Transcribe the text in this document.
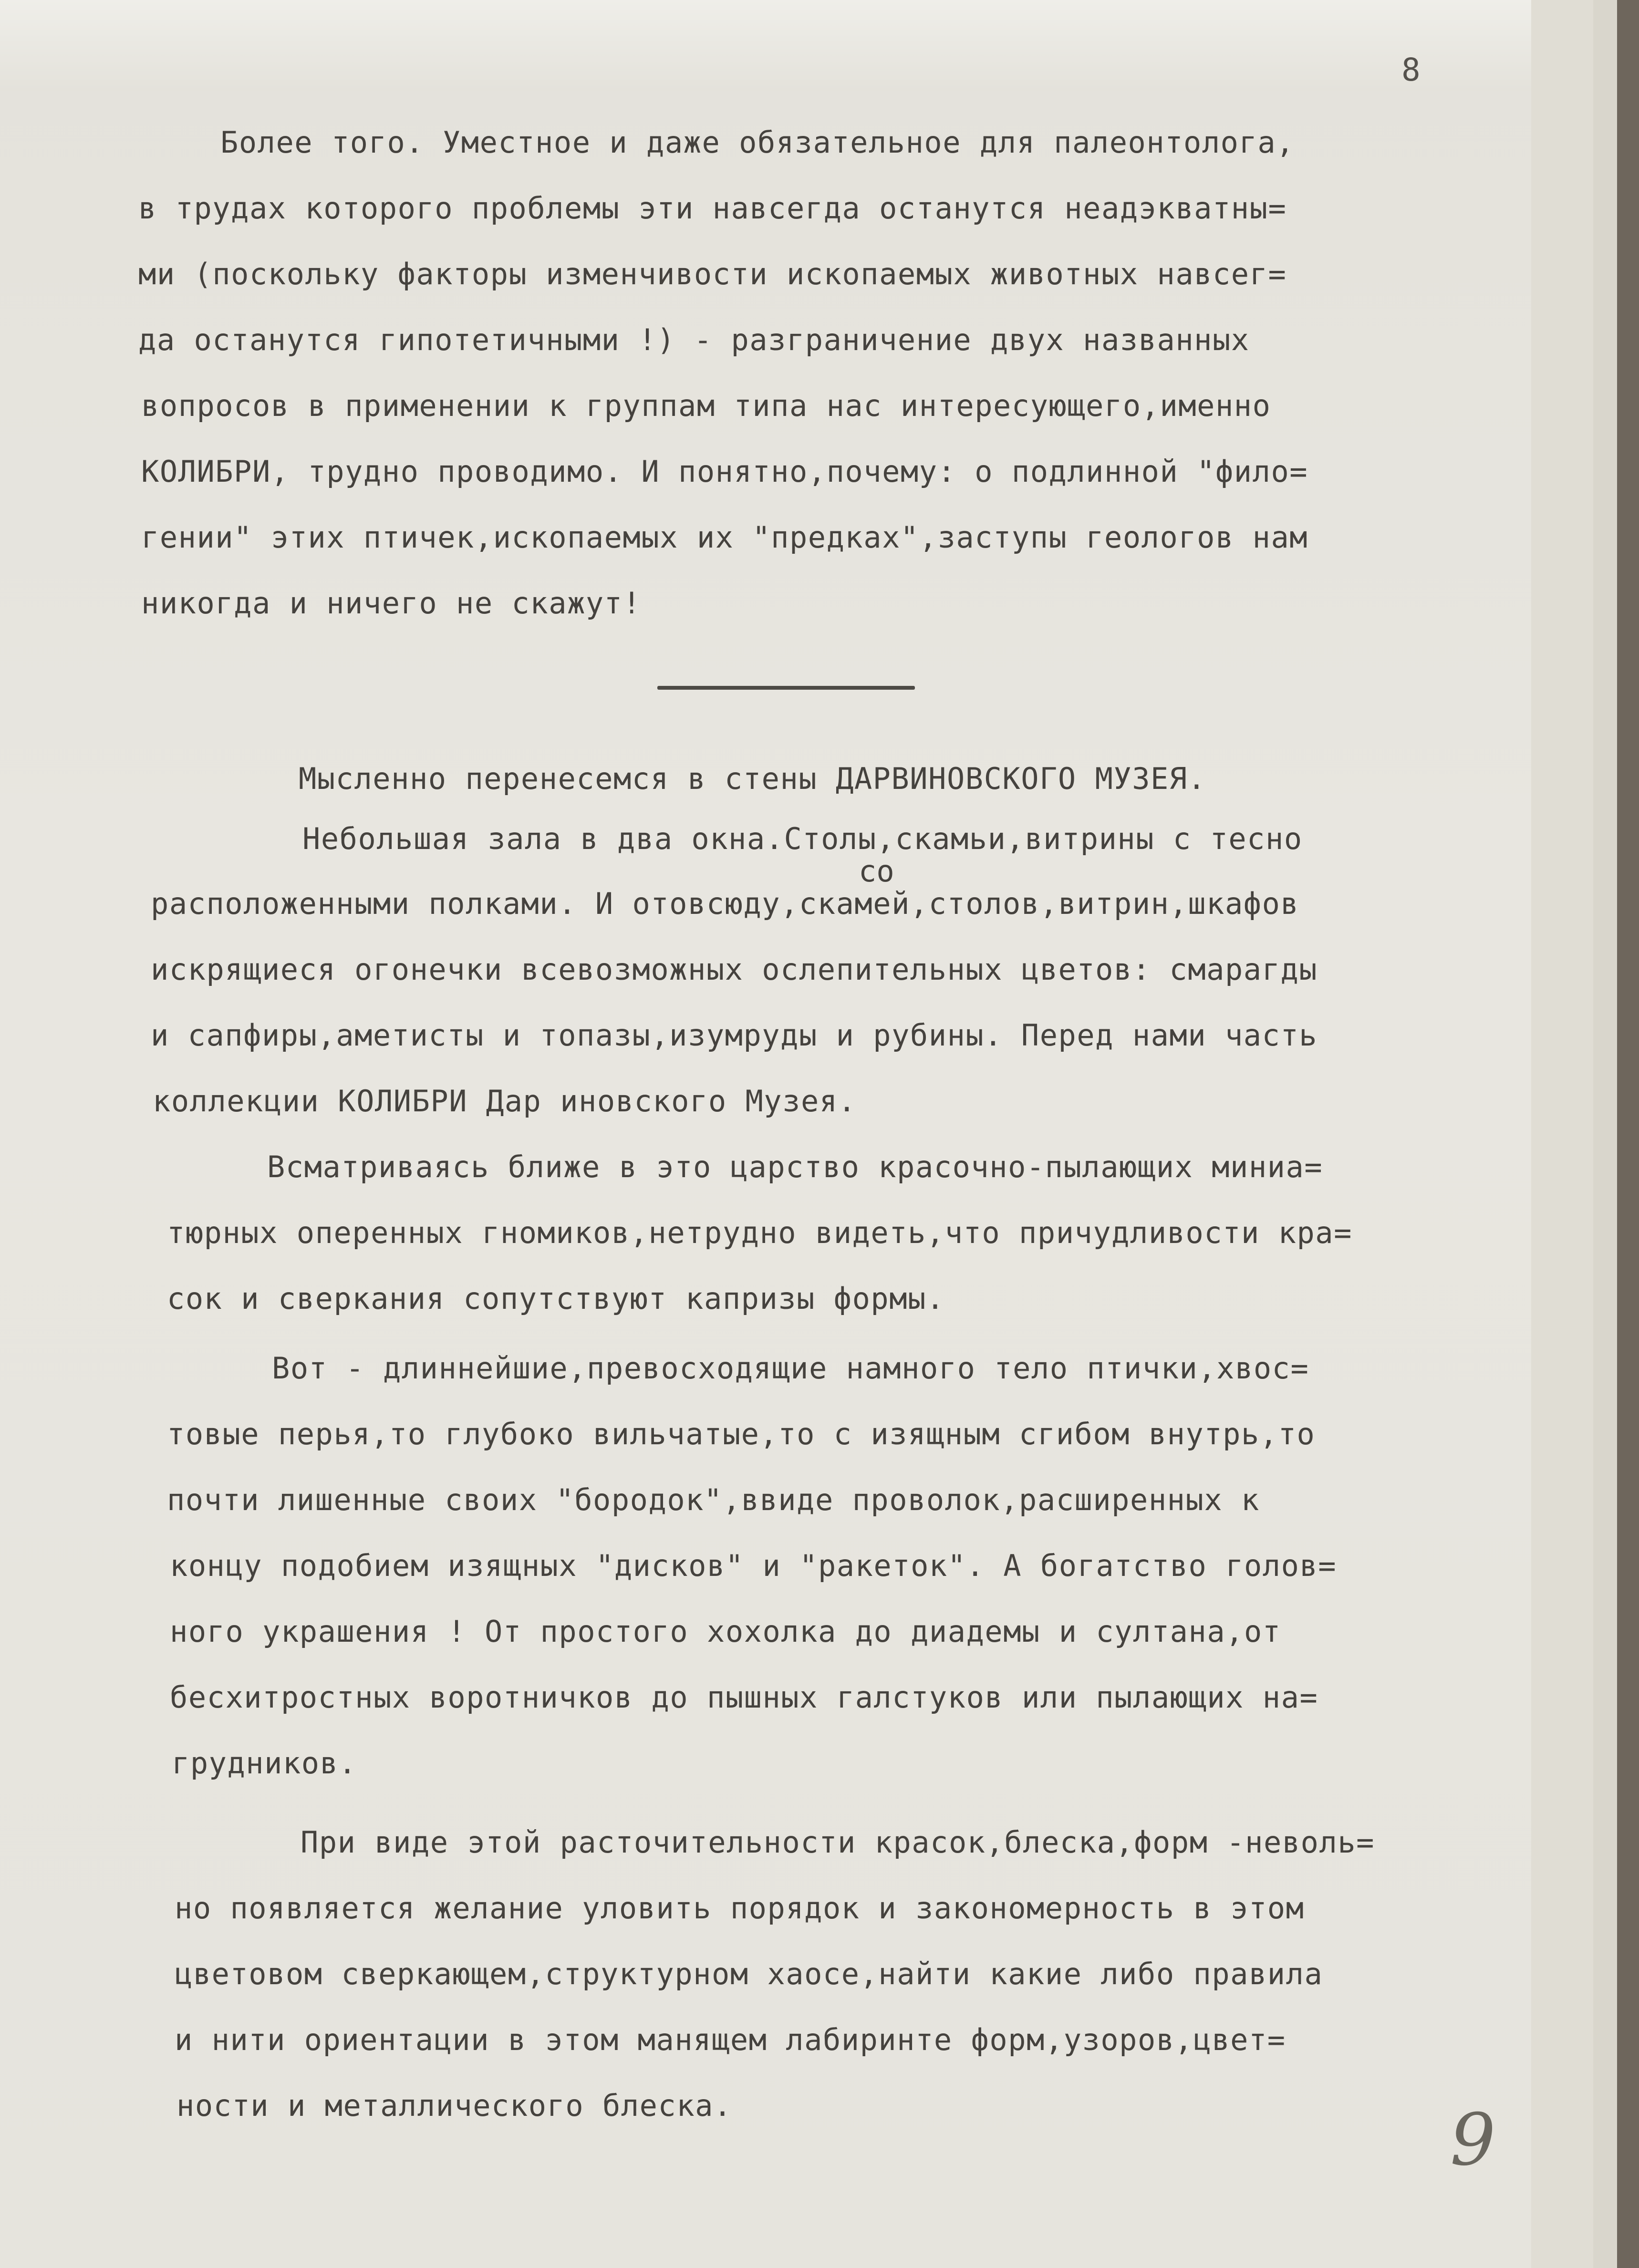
8
Более того. Уместное и даже обязательное для палеонтолога,
в трудах которого проблемы эти навсегда останутся неадэкватны=
ми (поскольку факторы изменчивости ископаемых животных навсег=
да останутся гипотетичными !) - разграничение двух названных
вопросов в применении к группам типа нас интересующего,именно
КОЛИБРИ, трудно проводимо. И понятно,почему: о подлинной "фило=
гении" этих птичек,ископаемых их "предках",заступы геологов нам
никогда и ничего не скажут!
Мысленно перенесемся в стены ДАРВИНОВСКОГО МУЗЕЯ.
Небольшая зала в два окна.Столы,скамьи,витрины с тесно
со
расположенными полками. И отовсюду,скамей,столов,витрин,шкафов
искрящиеся огонечки всевозможных ослепительных цветов: смарагды
и сапфиры,аметисты и топазы,изумруды и рубины. Перед нами часть
коллекции КОЛИБРИ Дар иновского Музея.
Всматриваясь ближе в это царство красочно-пылающих миниа=
тюрных оперенных гномиков,нетрудно видеть,что причудливости кра=
сок и сверкания сопутствуют капризы формы.
Вот - длиннейшие,превосходящие намного тело птички,хвос=
товые перья,то глубоко вильчатые,то с изящным сгибом внутрь,то
почти лишенные своих "бородок",ввиде проволок,расширенных к
концу подобием изящных "дисков" и "ракеток". А богатство голов=
ного украшения ! От простого хохолка до диадемы и султана,от
бесхитростных воротничков до пышных галстуков или пылающих на=
грудников.
При виде этой расточительности красок,блеска,форм -неволь=
но появляется желание уловить порядок и закономерность в этом
цветовом сверкающем,структурном хаосе,найти какие либо правила
и нити ориентации в этом манящем лабиринте форм,узоров,цвет=
ности и металлического блеска.	9
